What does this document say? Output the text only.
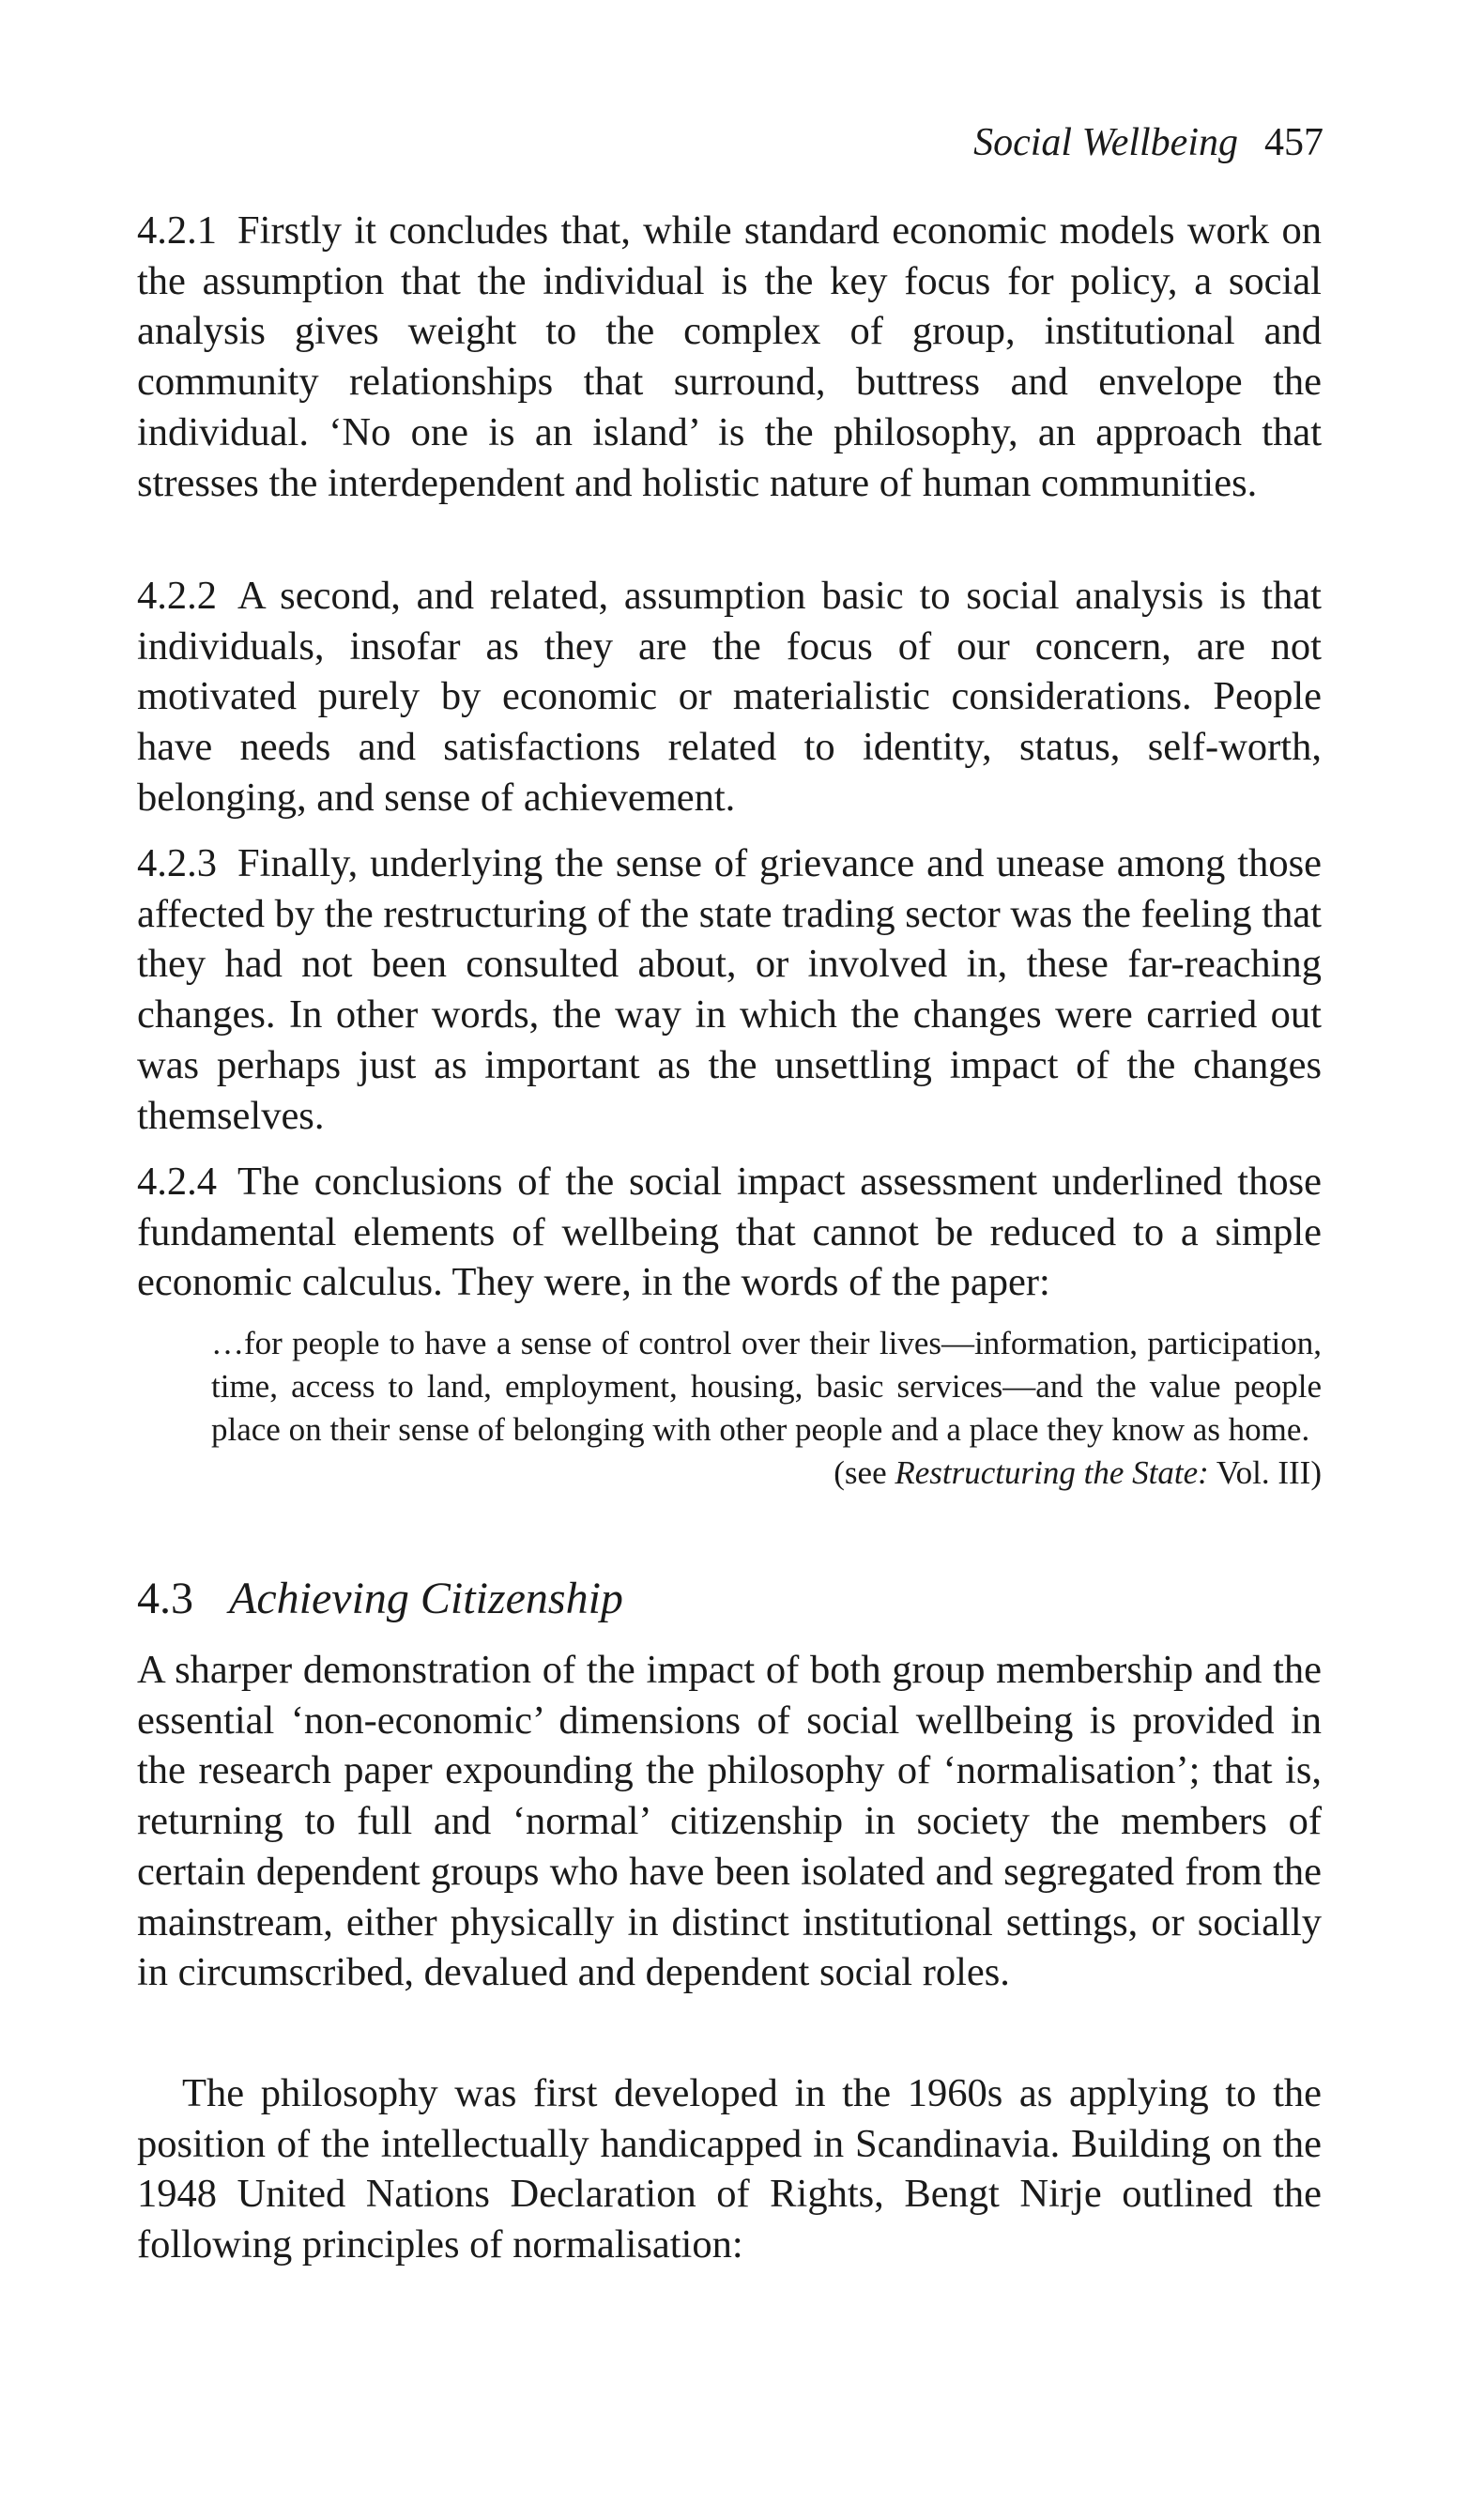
Social Wellbeing 457

4.2.1 Firstly it concludes that, while standard economic models work on the assumption that the individual is the key focus for policy, a social analysis gives weight to the complex of group, institutional and community relationships that surround, buttress and envelope the individual. ‘No one is an island’ is the philosophy, an approach that stresses the interdependent and holistic nature of human communities.

4.2.2 A second, and related, assumption basic to social analysis is that individuals, insofar as they are the focus of our concern, are not motivated purely by economic or materialistic considerations. People have needs and satisfactions related to identity, status, self-worth, belonging, and sense of achievement.

4.2.3 Finally, underlying the sense of grievance and unease among those affected by the restructuring of the state trading sector was the feeling that they had not been consulted about, or involved in, these far-reaching changes. In other words, the way in which the changes were carried out was perhaps just as important as the unsettling impact of the changes themselves.

4.2.4 The conclusions of the social impact assessment underlined those fundamental elements of wellbeing that cannot be reduced to a simple economic calculus. They were, in the words of the paper:

…for people to have a sense of control over their lives—information, participation, time, access to land, employment, housing, basic services—and the value people place on their sense of belonging with other people and a place they know as home.
(see Restructuring the State: Vol. III)

4.3 Achieving Citizenship

A sharper demonstration of the impact of both group membership and the essential ‘non-economic’ dimensions of social wellbeing is provided in the research paper expounding the philosophy of ‘normalisation’; that is, returning to full and ‘normal’ citizenship in society the members of certain dependent groups who have been isolated and segregated from the mainstream, either physically in distinct institutional settings, or socially in circumscribed, devalued and dependent social roles.

The philosophy was first developed in the 1960s as applying to the position of the intellectually handicapped in Scandinavia. Building on the 1948 United Nations Declaration of Rights, Bengt Nirje outlined the following principles of normalisation:
